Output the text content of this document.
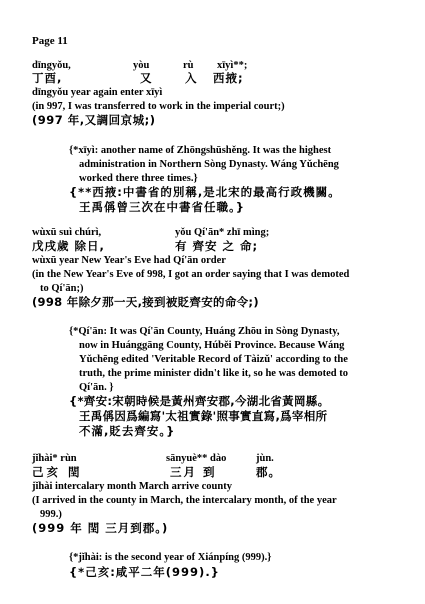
Page 11
dīngyǒu,	yòu	rù xīyì**;
丁酉,	又	入 西掖;
dīngyǒu year again enter xīyì
(in 997, I was transferred to work in the imperial court;)
(997 年,又調回京城;)
{*xīyì: another name of Zhōngshūshěng. It was the highest
administration in Northern Sòng Dynasty. Wáng Yǔchēng
worked there three times.}
{**西掖:中書省的別稱,是北宋的最高行政機關。
王禹偁曾三次在中書省任職。}
wùxū suì chúrì,	yǒu Qí'ān* zhī mìng;
戊戌歲 除日,	有 齊安 之 命;
wùxū year New Year's Eve had Qí'ān order
(in the New Year's Eve of 998, I got an order saying that I was demoted
to Qí'ān;)
(998 年除夕那一天,接到被貶齊安的命令;)
{*Qí'ān: It was Qí'ān County, Huáng Zhōu in Sòng Dynasty,
now in Huánggāng County, Húběi Province. Because Wáng
Yǔchēng edited 'Veritable Record of Tàizǔ' according to the
truth, the prime minister didn't like it, so he was demoted to
Qí'ān. }
{*齊安:宋朝時候是黃州齊安郡,今湖北省黃岡縣。
王禹偁因爲編寫'太祖實錄'照事實直寫,爲宰相所
不滿,貶去齊安。}
jǐhài* rùn	sānyuè** dào	jùn.
己亥 閏	三月 到	郡。
jǐhài intercalary month March arrive county
(I arrived in the county in March, the intercalary month, of the year
999.)
(999 年 閏 三月到郡。)
{*jǐhài: is the second year of Xiánpíng (999).}
{*己亥:咸平二年(999).}
